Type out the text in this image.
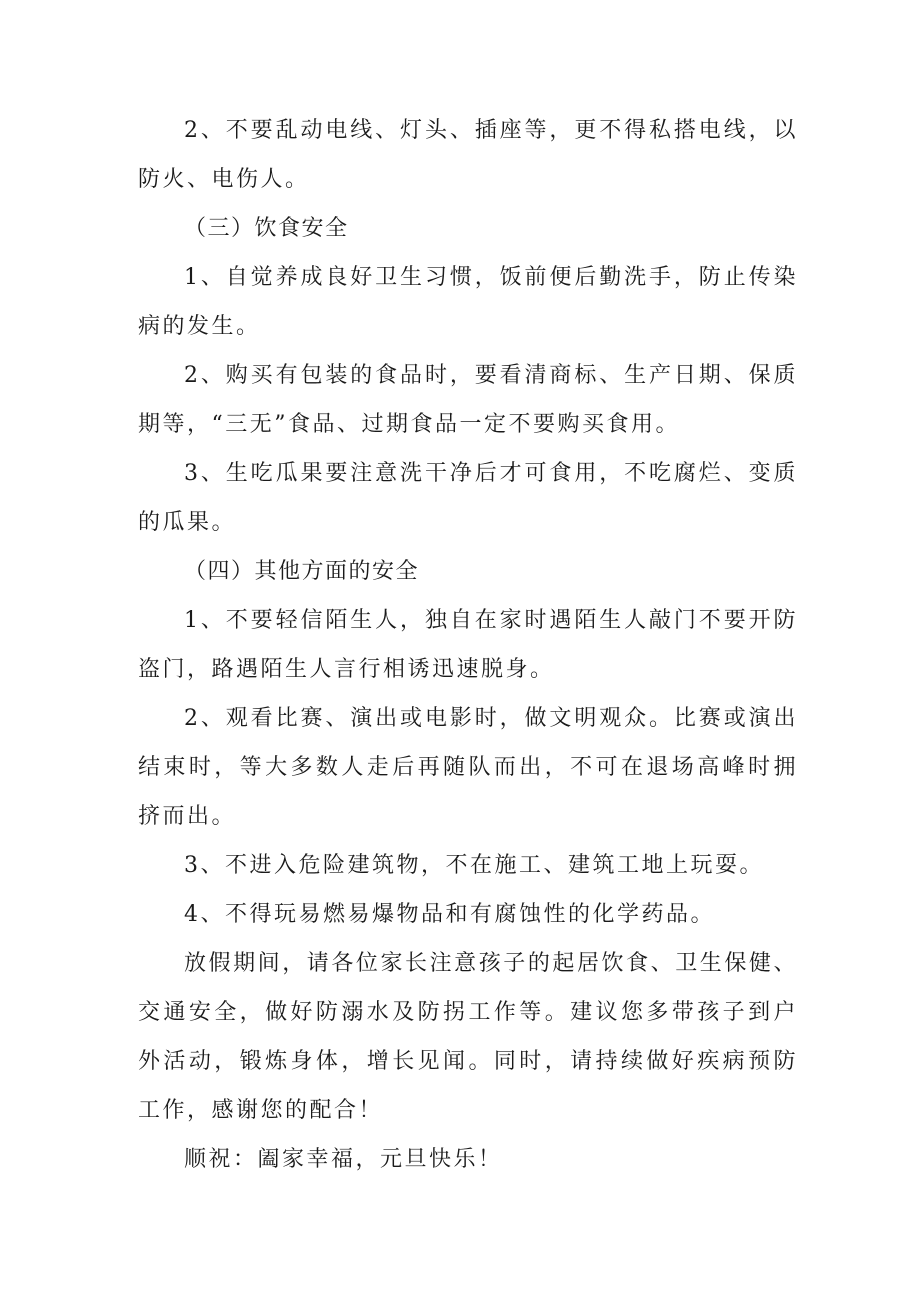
2、不要乱动电线、灯头、插座等，更不得私搭电线，以防火、电伤人。

（三）饮食安全

1、自觉养成良好卫生习惯，饭前便后勤洗手，防止传染病的发生。

2、购买有包装的食品时，要看清商标、生产日期、保质期等，“三无”食品、过期食品一定不要购买食用。

3、生吃瓜果要注意洗干净后才可食用，不吃腐烂、变质的瓜果。

（四）其他方面的安全

1、不要轻信陌生人，独自在家时遇陌生人敲门不要开防盗门，路遇陌生人言行相诱迅速脱身。

2、观看比赛、演出或电影时，做文明观众。比赛或演出结束时，等大多数人走后再随队而出，不可在退场高峰时拥挤而出。

3、不进入危险建筑物，不在施工、建筑工地上玩耍。

4、不得玩易燃易爆物品和有腐蚀性的化学药品。

放假期间，请各位家长注意孩子的起居饮食、卫生保健、交通安全，做好防溺水及防拐工作等。建议您多带孩子到户外活动，锻炼身体，增长见闻。同时，请持续做好疾病预防工作，感谢您的配合！

顺祝：阖家幸福，元旦快乐！
